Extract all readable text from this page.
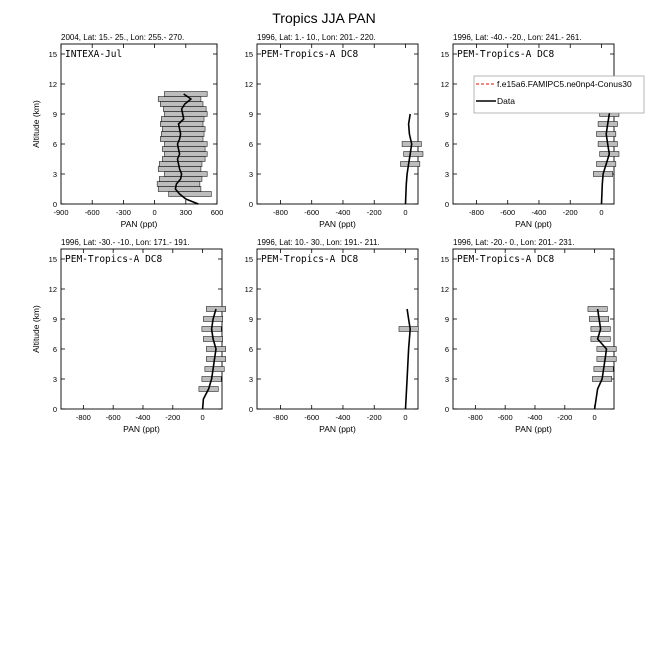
Tropics JJA PAN
2004, Lat: 15.- 25., Lon: 255.- 270.
INTEXA-Jul
-900 -600 -300	0	300 600
0
3
6
9
12
15
PAN (ppt)
Altitude (km)
1996, Lat: 1.- 10., Lon: 201.- 220.
PEM-Tropics-A DC8
-800 -600 -400 -200	0
0
3
6
9
12
15
PAN (ppt)
1996, Lat: -40.- -20., Lon: 241.- 261.
PEM-Tropics-A DC8
-800 -600 -400 -200	0
0
3
6
9
12
15
PAN (ppt)
1996, Lat: -30.- -10., Lon: 171.- 191.
PEM-Tropics-A DC8
-800 -600 -400 -200	0
0
3
6
9
12
15
PAN (ppt)
Altitude (km)
1996, Lat: 10.- 30., Lon: 191.- 211.
PEM-Tropics-A DC8
-800 -600 -400 -200	0
0
3
6
9
12
15
PAN (ppt)
1996, Lat: -20.- 0., Lon: 201.- 231.
PEM-Tropics-A DC8
-800 -600 -400 -200	0
0
3
6
9
12
15
PAN (ppt)
f.e15a6.FAMIPC5.ne0np4-Conus30
Data
